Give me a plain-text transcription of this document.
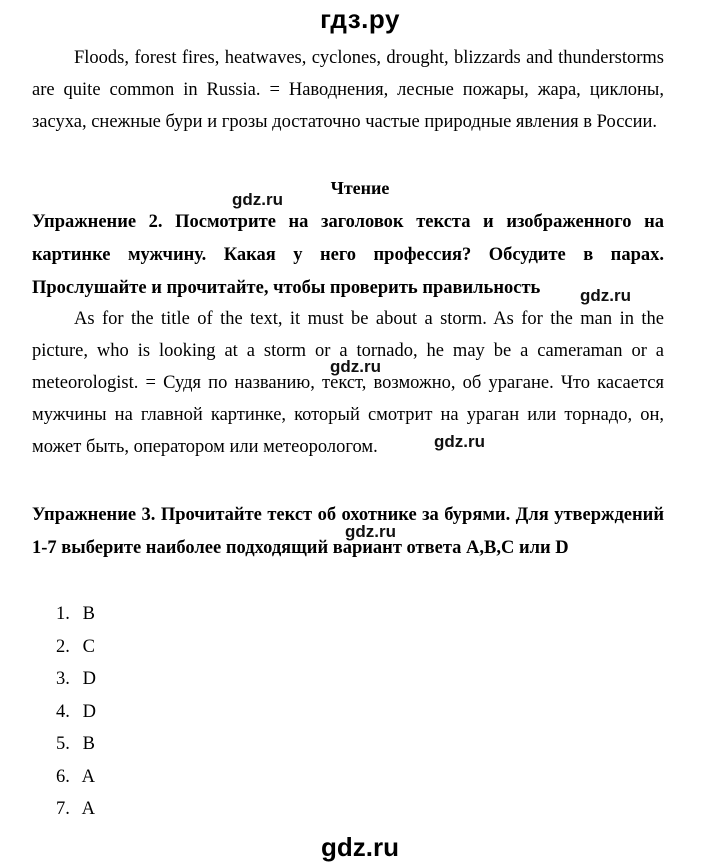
гдз.ру
Floods, forest fires, heatwaves, cyclones, drought, blizzards and thunderstorms are quite common in Russia. = Наводнения, лесные пожары, жара, циклоны, засуха, снежные бури и грозы достаточно частые природные явления в России.
Чтение
gdz.ru
Упражнение 2. Посмотрите на заголовок текста и изображенного на картинке мужчину. Какая у него профессия? Обсудите в парах. Прослушайте и прочитайте, чтобы проверить правильность	gdz.ru
As for the title of the text, it must be about a storm. As for the man in the picture, who is looking at a storm or a tornado, he may be a cameraman or a meteorologist. = Судя по названию, текст, возможно, об урагане. Что касается мужчины на главной картинке, который смотрит на ураган или торнадо, он, может быть, оператором или метеорологом.
gdz.ru
gdz.ru
Упражнение 3. Прочитайте текст об охотнике за бурями. Для утверждений 1-7 выберите наиболее подходящий вариант ответа A,B,C или D
gdz.ru
1. B
2. C
3. D
4. D
5. B
6. A
7. A
gdz.ru
